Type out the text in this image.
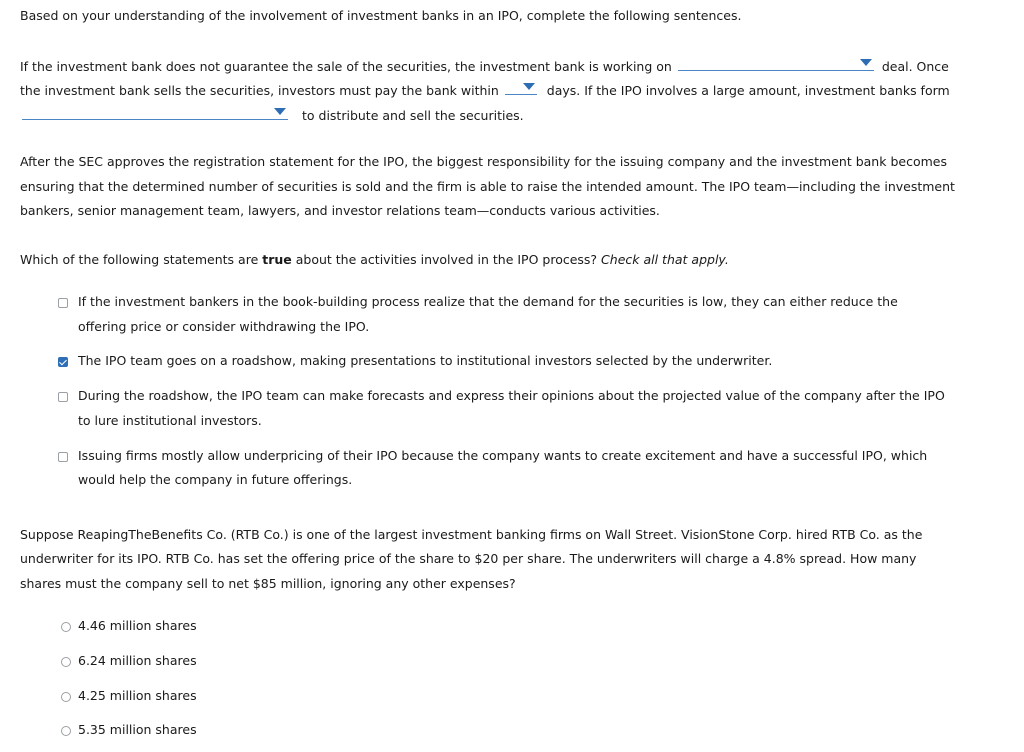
Based on your understanding of the involvement of investment banks in an IPO, complete the following sentences.
If the investment bank does not guarantee the sale of the securities, the investment bank is working on	deal. Once
the investment bank sells the securities, investors must pay the bank within	days. If the IPO involves a large amount, investment banks form
to distribute and sell the securities.
After the SEC approves the registration statement for the IPO, the biggest responsibility for the issuing company and the investment bank becomes
ensuring that the determined number of securities is sold and the firm is able to raise the intended amount. The IPO team—including the investment
bankers, senior management team, lawyers, and investor relations team—conducts various activities.
Which of the following statements are true about the activities involved in the IPO process? Check all that apply.
If the investment bankers in the book-building process realize that the demand for the securities is low, they can either reduce the
offering price or consider withdrawing the IPO.
The IPO team goes on a roadshow, making presentations to institutional investors selected by the underwriter.
During the roadshow, the IPO team can make forecasts and express their opinions about the projected value of the company after the IPO
to lure institutional investors.
Issuing firms mostly allow underpricing of their IPO because the company wants to create excitement and have a successful IPO, which
would help the company in future offerings.
Suppose ReapingTheBenefits Co. (RTB Co.) is one of the largest investment banking firms on Wall Street. VisionStone Corp. hired RTB Co. as the
underwriter for its IPO. RTB Co. has set the offering price of the share to $20 per share. The underwriters will charge a 4.8% spread. How many
shares must the company sell to net $85 million, ignoring any other expenses?
4.46 million shares
6.24 million shares
4.25 million shares
5.35 million shares
